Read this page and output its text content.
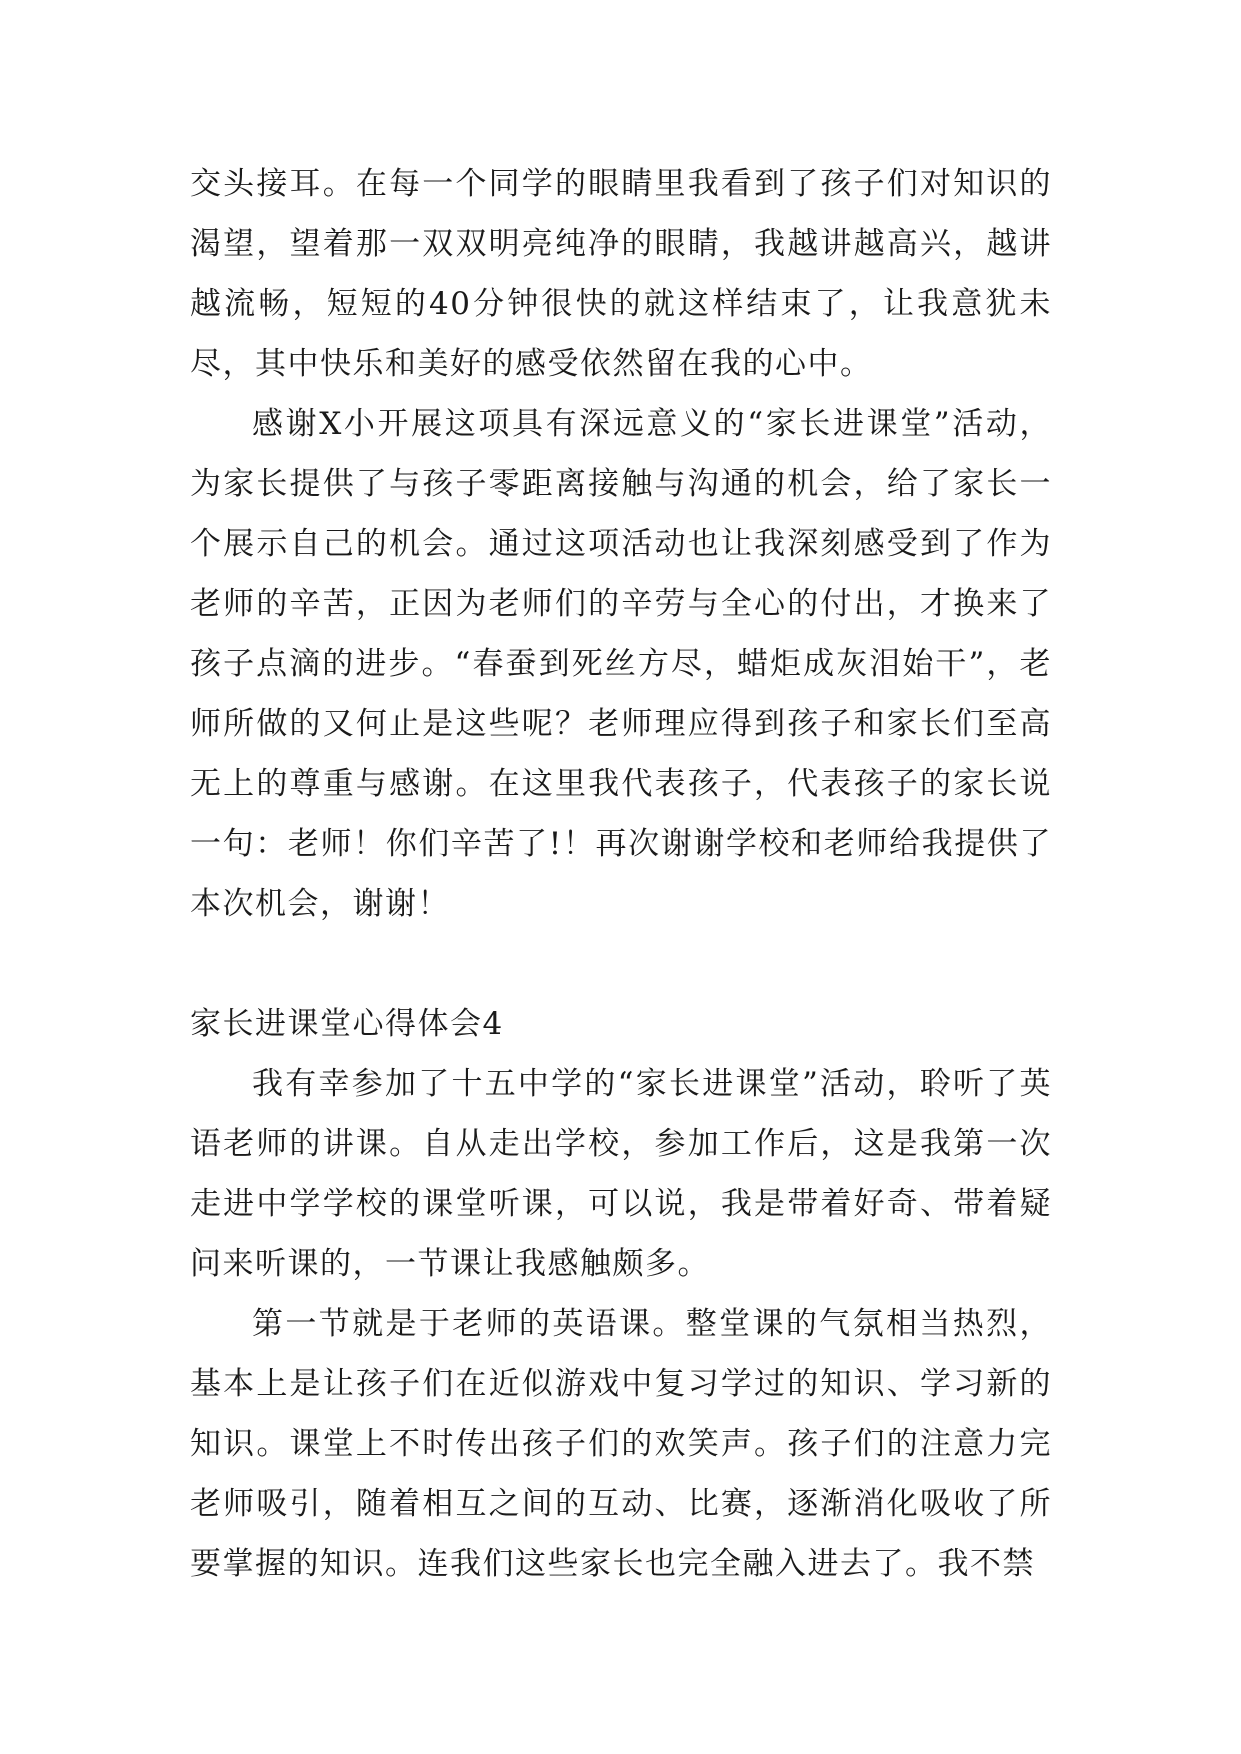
交头接耳。在每一个同学的眼睛里我看到了孩子们对知识的渴望，望着那一双双明亮纯净的眼睛，我越讲越高兴，越讲越流畅，短短的40分钟很快的就这样结束了，让我意犹未尽，其中快乐和美好的感受依然留在我的心中。

感谢X小开展这项具有深远意义的“家长进课堂”活动，为家长提供了与孩子零距离接触与沟通的机会，给了家长一个展示自己的机会。通过这项活动也让我深刻感受到了作为老师的辛苦，正因为老师们的辛劳与全心的付出，才换来了孩子点滴的进步。“春蚕到死丝方尽，蜡炬成灰泪始干”，老师所做的又何止是这些呢？老师理应得到孩子和家长们至高无上的尊重与感谢。在这里我代表孩子，代表孩子的家长说一句：老师！你们辛苦了!！再次谢谢学校和老师给我提供了本次机会，谢谢！

家长进课堂心得体会4

我有幸参加了十五中学的“家长进课堂”活动，聆听了英语老师的讲课。自从走出学校，参加工作后，这是我第一次走进中学学校的课堂听课，可以说，我是带着好奇、带着疑问来听课的，一节课让我感触颇多。

第一节就是于老师的英语课。整堂课的气氛相当热烈，基本上是让孩子们在近似游戏中复习学过的知识、学习新的知识。课堂上不时传出孩子们的欢笑声。孩子们的注意力完老师吸引，随着相互之间的互动、比赛，逐渐消化吸收了所要掌握的知识。连我们这些家长也完全融入进去了。我不禁
